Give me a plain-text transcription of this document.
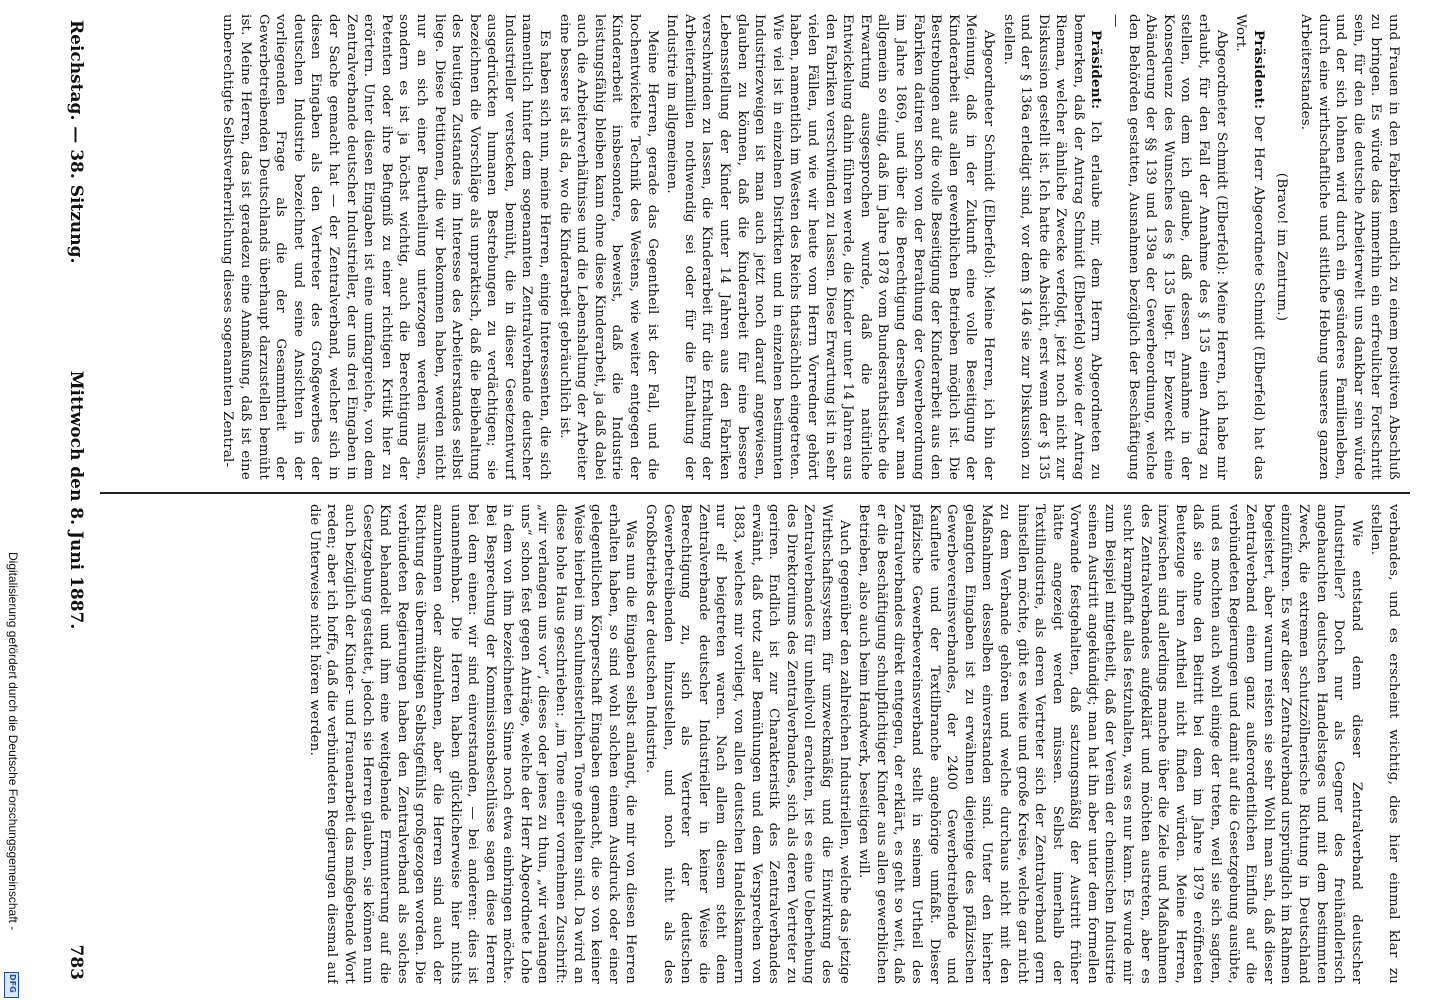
Reichstag. — 38. Sitzung.
Mittwoch den 8. Juni 1887.
783

und Frauen in den Fabriken endlich zu einem positiven Abschluß zu bringen. Es würde das immerhin ein erfreulicher Fortschritt sein, für den die deutsche Arbeiterwelt uns dankbar sein würde und der sich lohnen wird durch ein gesünderes Familienleben, durch eine wirthschaftliche und sittliche Hebung unseres ganzen Arbeiterstandes.

(Bravo! im Zentrum.)

Präsident: Der Herr Abgeordnete Schmidt (Elberfeld) hat das Wort.

Abgeordneter Schmidt (Elberfeld): Meine Herren, ich habe mir erlaubt, für den Fall der Annahme des § 135 einen Antrag zu stellen, von dem ich glaube, daß dessen Annahme in der Konsequenz des Wunsches des § 135 liegt. Er bezweckt eine Abänderung der §§ 139 und 139a der Gewerbeordnung, welche den Behörden gestatten, Ausnahmen bezüglich der Beschäftigung —

Präsident: Ich erlaube mir, dem Herrn Abgeordneten zu bemerken, daß der Antrag Schmidt (Elberfeld) sowie der Antrag Rieman, welcher ähnliche Zwecke verfolgt, jetzt noch nicht zur Diskussion gestellt ist. Ich hatte die Absicht, erst wenn der § 135 und der § 136a erledigt sind, vor dem § 146 sie zur Diskussion zu stellen.

Abgeordneter Schmidt (Elberfeld): Meine Herren, ich bin der Meinung, daß in der Zukunft eine volle Beseitigung der Kinderarbeit aus allen gewerblichen Betrieben möglich ist. Die Bestrebungen auf die volle Beseitigung der Kinderarbeit aus den Fabriken datiren schon von der Berathung der Gewerbeordnung im Jahre 1869, und über die Berechtigung derselben war man allgemein so einig, daß im Jahre 1878 vom Bundesrathstische die Erwartung ausgesprochen wurde, daß die natürliche Entwickelung dahin führen werde, die Kinder unter 14 Jahren aus den Fabriken verschwinden zu lassen. Diese Erwartung ist in sehr vielen Fällen, und wie wir heute vom Herrn Vorredner gehört haben, namentlich im Westen des Reichs thatsächlich eingetreten. Wie viel ist in einzelnen Distrikten und in einzelnen bestimmten Industriezweigen ist man auch jetzt noch darauf angewiesen, glauben zu können, daß die Kinderarbeit für eine bessere Lebensstellung der Kinder unter 14 Jahren aus den Fabriken verschwinden zu lassen, die Kinderarbeit für die Erhaltung der Arbeiterfamilien nothwendig sei oder für die Erhaltung der Industrie im allgemeinen.

Meine Herren, gerade das Gegentheil ist der Fall, und die hochentwickelte Technik des Westens, wie weiter entgegen der Kinderarbeit insbesondere, beweist, daß die Industrie leistungsfähig bleiben kann ohne diese Kinderarbeit, ja daß dabei auch die Arbeiterverhältnisse und die Lebenshaltung der Arbeiter eine bessere ist als da, wo die Kinderarbeit gebräuchlich ist.

Es haben sich nun, meine Herren, einige Interessenten, die sich namentlich hinter dem sogenannten Zentralverbande deutscher Industrieller verstecken, bemüht, die in dieser Gesetzentwurf ausgedrückten humanen Bestrebungen zu verdächtigen; sie bezeichnen die Vorschläge als unpraktisch, daß die Beibehaltung des heutigen Zustandes im Interesse des Arbeiterstandes selbst liege. Diese Petitionen, die wir bekommen haben, werden nicht nur an sich einer Beurtheilung unterzogen werden müssen, sondern es ist ja höchst wichtig, auch die Berechtigung der Petenten oder ihre Befugniß zu einer richtigen Kritik hier zu erörtern. Unter diesen Eingaben ist eine umfangreiche, von dem Zentralverbande deutscher Industrieller, der uns drei Eingaben in der Sache gemacht hat — der Zentralverband, welcher sich in diesen Eingaben als den Vertreter des Großgewerbes der deutschen Industrie bezeichnet und seine Ansichten in der vorliegenden Frage als die der Gesammtheit der Gewerbetreibenden Deutschlands überhaupt darzustellen bemüht ist. Meine Herren, das ist geradezu eine Anmaßung, daß ist eine unberechtigte Selbstverherrlichung dieses sogenannten Zentral-

verbandes, und es erscheint wichtig, dies hier einmal klar zu stellen.

Wie entstand denn dieser Zentralverband deutscher Industrieller? Doch nur als Gegner des freihändlerisch angehauchten deutschen Handelstages und mit dem bestimmten Zweck, die extremen schutzzöllnerische Richtung in Deutschland einzuführen. Es war dieser Zentralverband ursprünglich im Rahmen begeistert, aber warum reisten sie sehr Wohl man sah, daß dieser Zentralverband einen ganz außerordentlichen Einfluß auf die verbündeten Regierungen und damit auf die Gesetzgebung ausübte, und es mochten auch wohl einige der treten, weil sie sich sagten, daß sie ohne den Beitritt bei dem im Jahre 1879 eröffneten Beutezuge ihren Antheil nicht finden würden. Meine Herren, inzwischen sind allerdings manche über die Ziele und Maßnahmen des Zentralverbandes aufgeklärt und möchten austreten, aber es sucht krampfhaft alles festzuhalten, was es nur kann. Es wurde mir zum Beispiel mitgetheilt, daß der Verein der chemischen Industrie seinen Austritt angekündigt; man hat ihn aber unter dem formellen Vorwande festgehalten, daß satzungsmäßig der Austritt früher hätte angezeigt werden müssen. Selbst innerhalb der Textilindustrie, als deren Vertreter sich der Zentralverband gern hinstellen möchte, gibt es weite und große Kreise, welche gar nicht zu dem Verbande gehören und welche durchaus nicht mit den Maßnahmen desselben einverstanden sind. Unter den hierher gelangten Eingaben ist zu erwähnen diejenige des pfälzischen Gewerbevereinsverbandes, der 2400 Gewerbetreibende und Kaufleute und der Textilbranche angehörige umfaßt. Dieser pfälzische Gewerbevereinsverband stellt in seinem Urtheil des Zentralverbandes direkt entgegen, der erklärt, es geht so weit, daß er die Beschäftigung schulpflichtiger Kinder aus allen gewerblichen Betrieben, also auch beim Handwerk, beseitigen will.

Auch gegenüber den zahlreichen Industriellen, welche das jetzige Wirthschaftssystem für unzweckmäßig und die Einwirkung des Zentralverbandes für unheilvoll erachten, ist es eine Ueberhebung des Direktoriums des Zentralverbandes, sich als deren Vertreter zu geriren. Endlich ist zur Charakteristik des Zentralverbandes erwähnt, daß trotz aller Bemühungen und dem Versprechen von 1883, welches mir vorliegt, von allen deutschen Handelskammern nur elf beigetreten waren. Nach allem diesem steht dem Zentralverbande deutscher Industrieller in keiner Weise die Berechtigung zu, sich als Vertreter der deutschen Gewerbetreibenden hinzustellen, und noch nicht als des Großbetriebs der deutschen Industrie.

Was nun die Eingaben selbst anlangt, die mir von diesen Herren erhalten haben, so sind wohl solchen einem Ausdruck oder einer gelegentlichen Körperschaft Eingaben gemacht, die so von keiner Weise hierbei im schulmeisterlichen Tone gehalten sind. Da wird an diese hohe Haus geschrieben: „im Tone einer vornehmen Zuschrift: „wir verlangen uns vor“, dieses oder jenes zu thun, „wir verlangen uns“ schon fest gegen Anträge, welche der Herr Abgeordnete Lohe in dem von ihm bezeichneten Sinne noch etwa einbringen möchte. Bei Besprechung der Kommissionsbeschlüsse sagen diese Herren bei dem einen: wir sind einverstanden, — bei anderen: dies ist unannehmbar. Die Herren haben glücklicherweise hier nichts anzunehmen oder abzulehnen, aber die Herren sind auch der Richtung des übermüthigen Selbstgefühls großgezogen worden. Die verbündeten Regierungen haben den Zentralverband als solches Kind behandelt und ihm eine weitgehende Ermunterung auf die Gesetzgebung gestattet, jedoch sie Herren glauben, sie können nun auch bezüglich der Kinder- und Frauenarbeit das maßgebende Wort reden; aber ich hoffe, daß die verbündeten Regierungen diesmal auf die Unterweise nicht hören werden.

Digitalisierung gefördert durch die Deutsche Forschungsgemeinschaft -
DFG
